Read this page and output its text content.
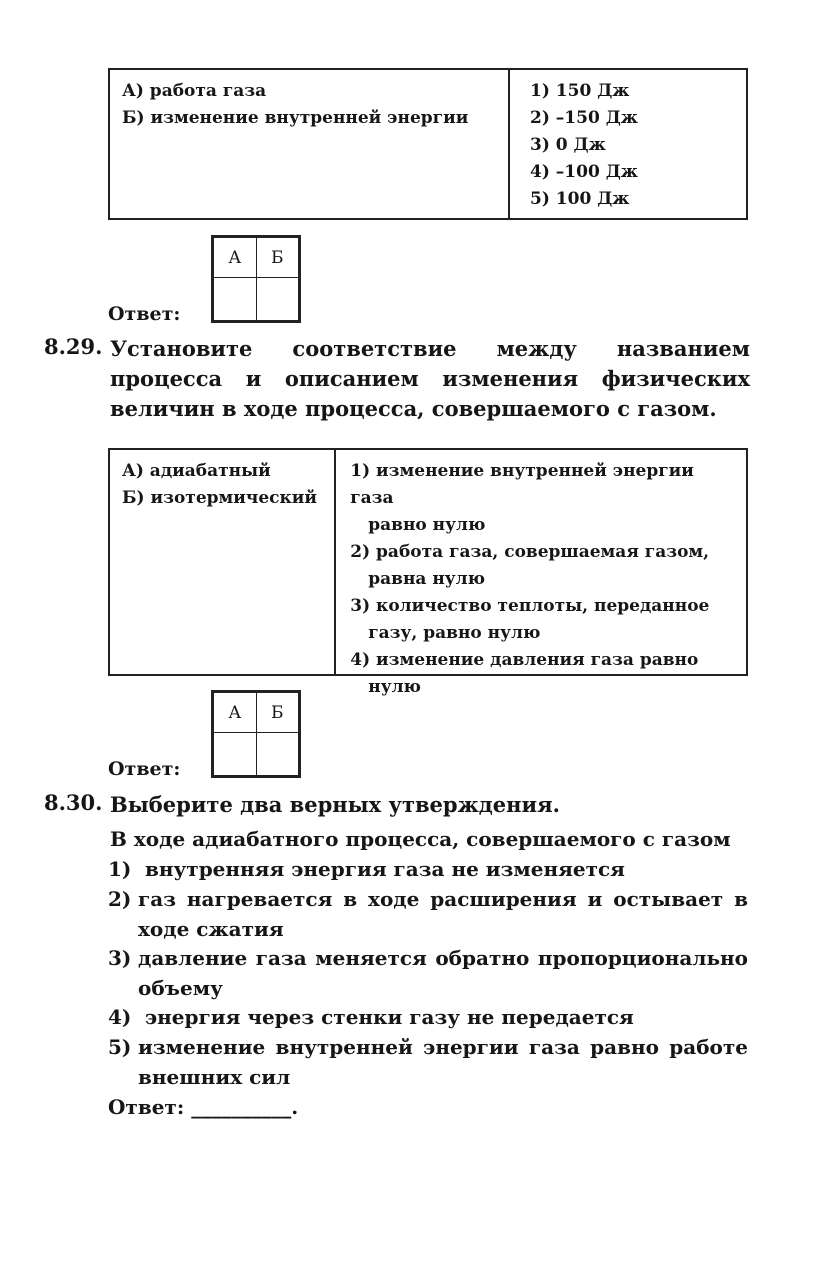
А) работа газа
Б) изменение внутренней энергии
1) 150 Дж
2) –150 Дж
3) 0 Дж
4) –100 Дж
5) 100 Дж
Ответ:
А	Б

8.29. Установите соответствие между названием процесса и описанием изменения физических величин в ходе процесса, совершаемого с газом.
А) адиабатный
Б) изотермический
1) изменение внутренней энергии газа
равно нулю
2) работа газа, совершаемая газом,
равна нулю
3) количество теплоты, переданное
газу, равно нулю
4) изменение давления газа равно
нулю
Ответ:
А	Б

8.30. Выберите два верных утверждения.
В ходе адиабатного процесса, совершаемого с газом
1) внутренняя энергия газа не изменяется
2) газ нагревается в ходе расширения и остывает в ходе сжатия
3) давление газа меняется обратно пропорционально объему
4) энергия через стенки газу не передается
5) изменение внутренней энергии газа равно работе внешних сил
Ответ: __________.
